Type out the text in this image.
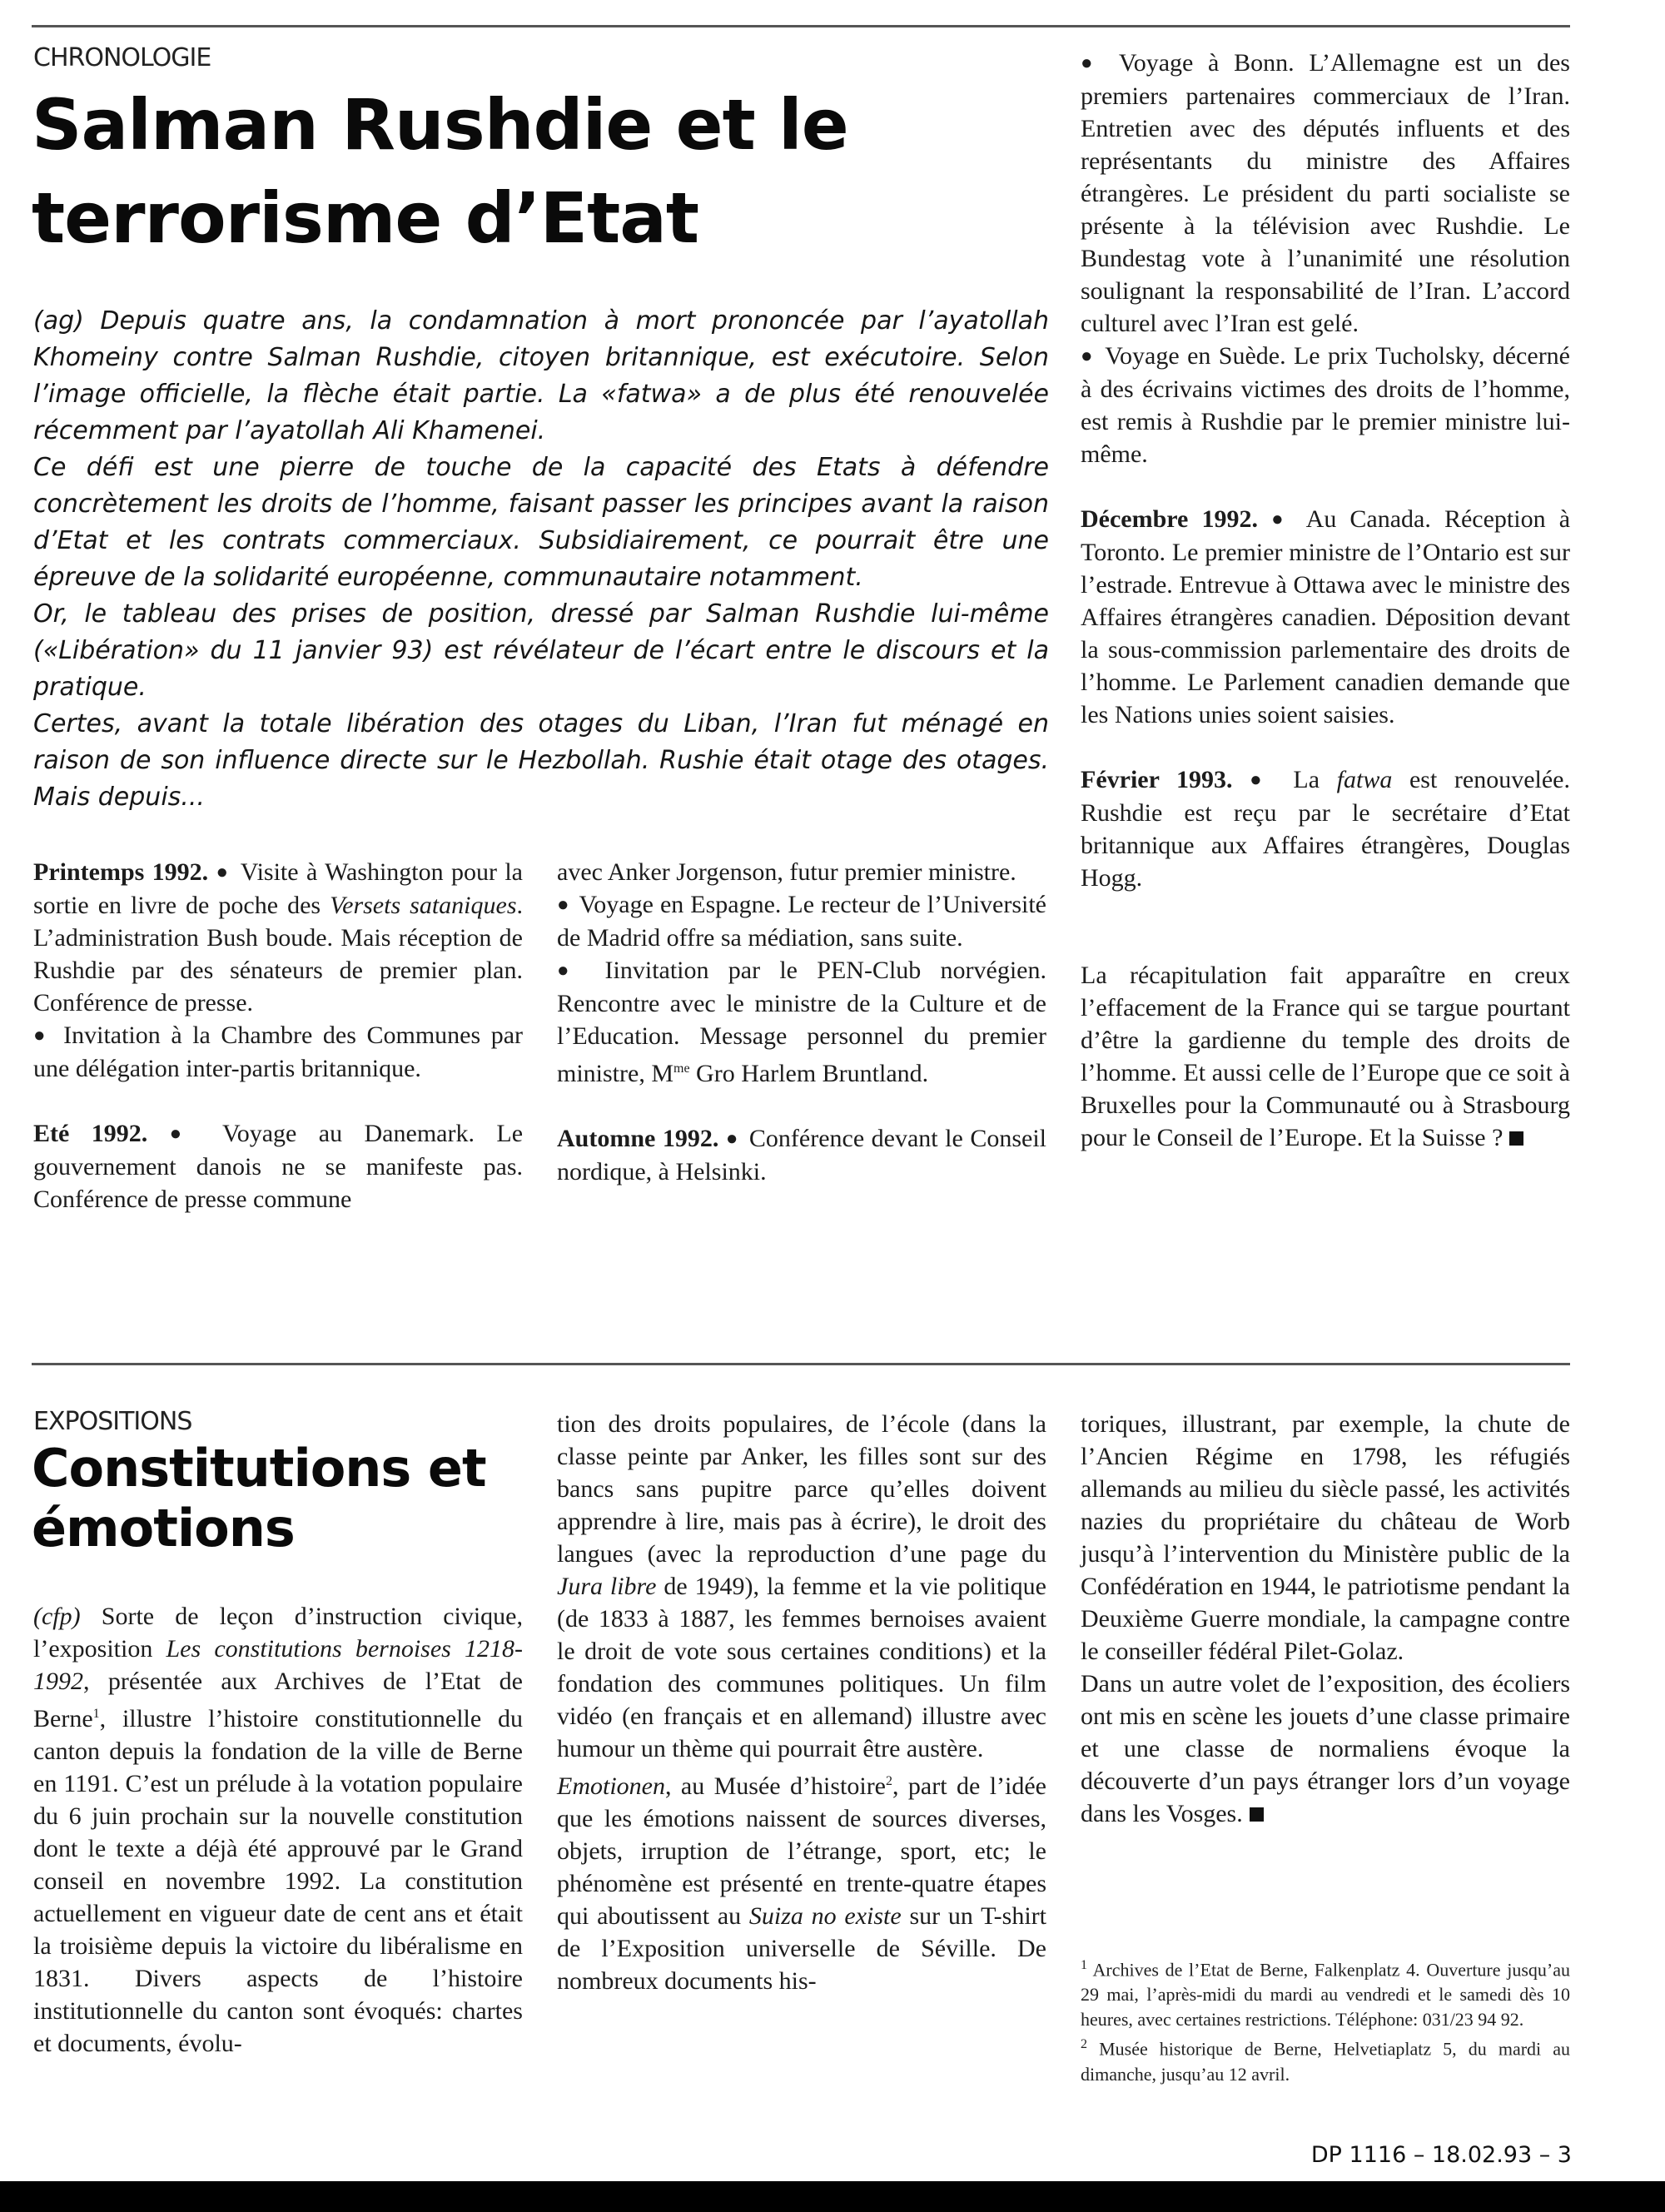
CHRONOLOGIE
Salman Rushdie et le
terrorisme d’Etat

(ag) Depuis quatre ans, la condamnation à mort prononcée par l’ayatollah Khomeiny contre Salman Rushdie, citoyen britannique, est exécutoire. Selon l’image officielle, la flèche était partie. La «fatwa» a de plus été renouvelée récemment par l’ayatollah Ali Khamenei.

Ce défi est une pierre de touche de la capacité des Etats à défendre concrètement les droits de l’homme, faisant passer les principes avant la raison d’Etat et les contrats commerciaux. Subsidiairement, ce pourrait être une épreuve de la solidarité européenne, communautaire notamment.

Or, le tableau des prises de position, dressé par Salman Rushdie lui-même («Libération» du 11 janvier 93) est révélateur de l’écart entre le discours et la pratique.

Certes, avant la totale libération des otages du Liban, l’Iran fut ménagé en raison de son influence directe sur le Hezbollah. Rushie était otage des otages. Mais depuis...

Printemps 1992. ● Visite à Washington pour la sortie en livre de poche des Versets sataniques. L’administration Bush boude. Mais réception de Rushdie par des sénateurs de premier plan. Conférence de presse.

● Invitation à la Chambre des Communes par une délégation inter-partis britannique.

Eté 1992. ● Voyage au Danemark. Le gouvernement danois ne se manifeste pas. Conférence de presse commune

avec Anker Jorgenson, futur premier ministre.

● Voyage en Espagne. Le recteur de l’Université de Madrid offre sa médiation, sans suite.

● Iinvitation par le PEN-Club norvégien. Rencontre avec le ministre de la Culture et de l’Education. Message personnel du premier ministre, $M^{me}$ Gro Harlem Bruntland.

Automne 1992. ● Conférence devant le Conseil nordique, à Helsinki.

● Voyage à Bonn. L’Allemagne est un des premiers partenaires commerciaux de l’Iran. Entretien avec des députés influents et des représentants du ministre des Affaires étrangères. Le président du parti socialiste se présente à la télévision avec Rushdie. Le Bundestag vote à l’unanimité une résolution soulignant la responsabilité de l’Iran. L’accord culturel avec l’Iran est gelé.

● Voyage en Suède. Le prix Tucholsky, décerné à des écrivains victimes des droits de l’homme, est remis à Rushdie par le premier ministre lui-même.

Décembre 1992. ● Au Canada. Réception à Toronto. Le premier ministre de l’Ontario est sur l’estrade. Entrevue à Ottawa avec le ministre des Affaires étrangères canadien. Déposition devant la sous-commission parlementaire des droits de l’homme. Le Parlement canadien demande que les Nations unies soient saisies.

Février 1993. ● La fatwa est renouvelée. Rushdie est reçu par le secrétaire d’Etat britannique aux Affaires étrangères, Douglas Hogg.

La récapitulation fait apparaître en creux l’effacement de la France qui se targue pourtant d’être la gardienne du temple des droits de l’homme. Et aussi celle de l’Europe que ce soit à Bruxelles pour la Communauté ou à Strasbourg pour le Conseil de l’Europe. Et la Suisse ?

EXPOSITIONS
Constitutions et
émotions

(cfp) Sorte de leçon d’instruction civique, l’exposition Les constitutions bernoises 1218-1992, présentée aux Archives de l’Etat de Berne$^1$, illustre l’histoire constitutionnelle du canton depuis la fondation de la ville de Berne en 1191. C’est un prélude à la votation populaire du 6 juin prochain sur la nouvelle constitution dont le texte a déjà été approuvé par le Grand conseil en novembre 1992. La constitution actuellement en vigueur date de cent ans et était la troisième depuis la victoire du libéralisme en 1831. Divers aspects de l’histoire institutionnelle du canton sont évoqués: chartes et documents, évolu-

tion des droits populaires, de l’école (dans la classe peinte par Anker, les filles sont sur des bancs sans pupitre parce qu’elles doivent apprendre à lire, mais pas à écrire), le droit des langues (avec la reproduction d’une page du Jura libre de 1949), la femme et la vie politique (de 1833 à 1887, les femmes bernoises avaient le droit de vote sous certaines conditions) et la fondation des communes politiques. Un film vidéo (en français et en allemand) illustre avec humour un thème qui pourrait être austère.

Emotionen, au Musée d’histoire$^2$, part de l’idée que les émotions naissent de sources diverses, objets, irruption de l’étrange, sport, etc; le phénomène est présenté en trente-quatre étapes qui aboutissent au Suiza no existe sur un T-shirt de l’Exposition universelle de Séville. De nombreux documents his-

toriques, illustrant, par exemple, la chute de l’Ancien Régime en 1798, les réfugiés allemands au milieu du siècle passé, les activités nazies du propriétaire du château de Worb jusqu’à l’intervention du Ministère public de la Confédération en 1944, le patriotisme pendant la Deuxième Guerre mondiale, la campagne contre le conseiller fédéral Pilet-Golaz.

Dans un autre volet de l’exposition, des écoliers ont mis en scène les jouets d’une classe primaire et une classe de normaliens évoque la découverte d’un pays étranger lors d’un voyage dans les Vosges.

$^1$ Archives de l’Etat de Berne, Falkenplatz 4. Ouverture jusqu’au 29 mai, l’après-midi du mardi au vendredi et le samedi dès 10 heures, avec certaines restrictions. Téléphone: 031/23 94 92.

$^2$ Musée historique de Berne, Helvetiaplatz 5, du mardi au dimanche, jusqu’au 12 avril.

DP 1116 – 18.02.93 – 3
